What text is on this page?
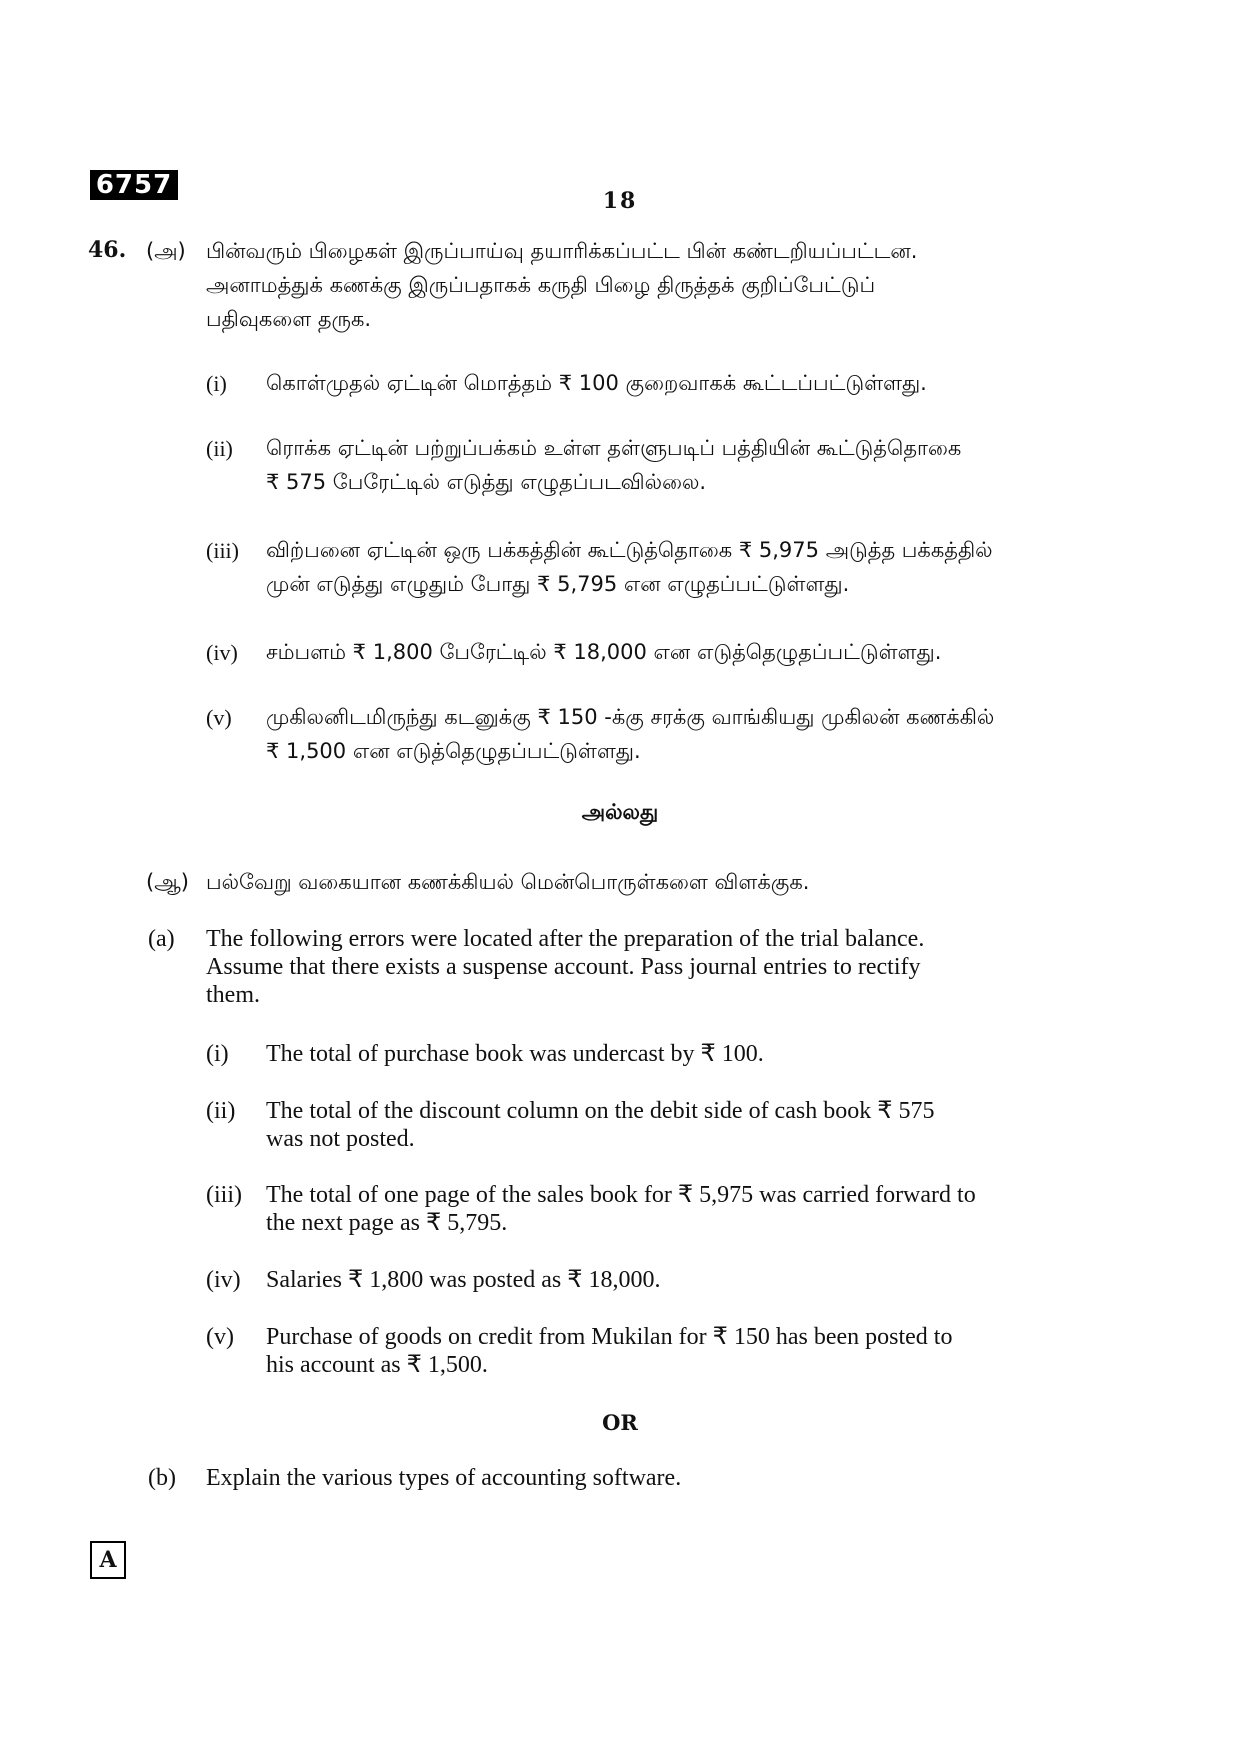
6757
18
46. (அ) பின்வரும் பிழைகள் இருப்பாய்வு தயாரிக்கப்பட்ட பின் கண்டறியப்பட்டன.
அனாமத்துக் கணக்கு இருப்பதாகக் கருதி பிழை திருத்தக் குறிப்பேட்டுப்
பதிவுகளை தருக.
(i) கொள்முதல் ஏட்டின் மொத்தம் ₹ 100 குறைவாகக் கூட்டப்பட்டுள்ளது.
(ii) ரொக்க ஏட்டின் பற்றுப்பக்கம் உள்ள தள்ளுபடிப் பத்தியின் கூட்டுத்தொகை
₹ 575 பேரேட்டில் எடுத்து எழுதப்படவில்லை.
(iii) விற்பனை ஏட்டின் ஒரு பக்கத்தின் கூட்டுத்தொகை ₹ 5,975 அடுத்த பக்கத்தில்
முன் எடுத்து எழுதும் போது ₹ 5,795 என எழுதப்பட்டுள்ளது.
(iv) சம்பளம் ₹ 1,800 பேரேட்டில் ₹ 18,000 என எடுத்தெழுதப்பட்டுள்ளது.
(v) முகிலனிடமிருந்து கடனுக்கு ₹ 150 -க்கு சரக்கு வாங்கியது முகிலன் கணக்கில்
₹ 1,500 என எடுத்தெழுதப்பட்டுள்ளது.
அல்லது
(ஆ) பல்வேறு வகையான கணக்கியல் மென்பொருள்களை விளக்குக.
(a) The following errors were located after the preparation of the trial balance.
Assume that there exists a suspense account. Pass journal entries to rectify
them.
(i) The total of purchase book was undercast by ₹ 100.
(ii) The total of the discount column on the debit side of cash book ₹ 575
was not posted.
(iii) The total of one page of the sales book for ₹ 5,975 was carried forward to
the next page as ₹ 5,795.
(iv) Salaries ₹ 1,800 was posted as ₹ 18,000.
(v) Purchase of goods on credit from Mukilan for ₹ 150 has been posted to
his account as ₹ 1,500.
OR
(b) Explain the various types of accounting software.
A
